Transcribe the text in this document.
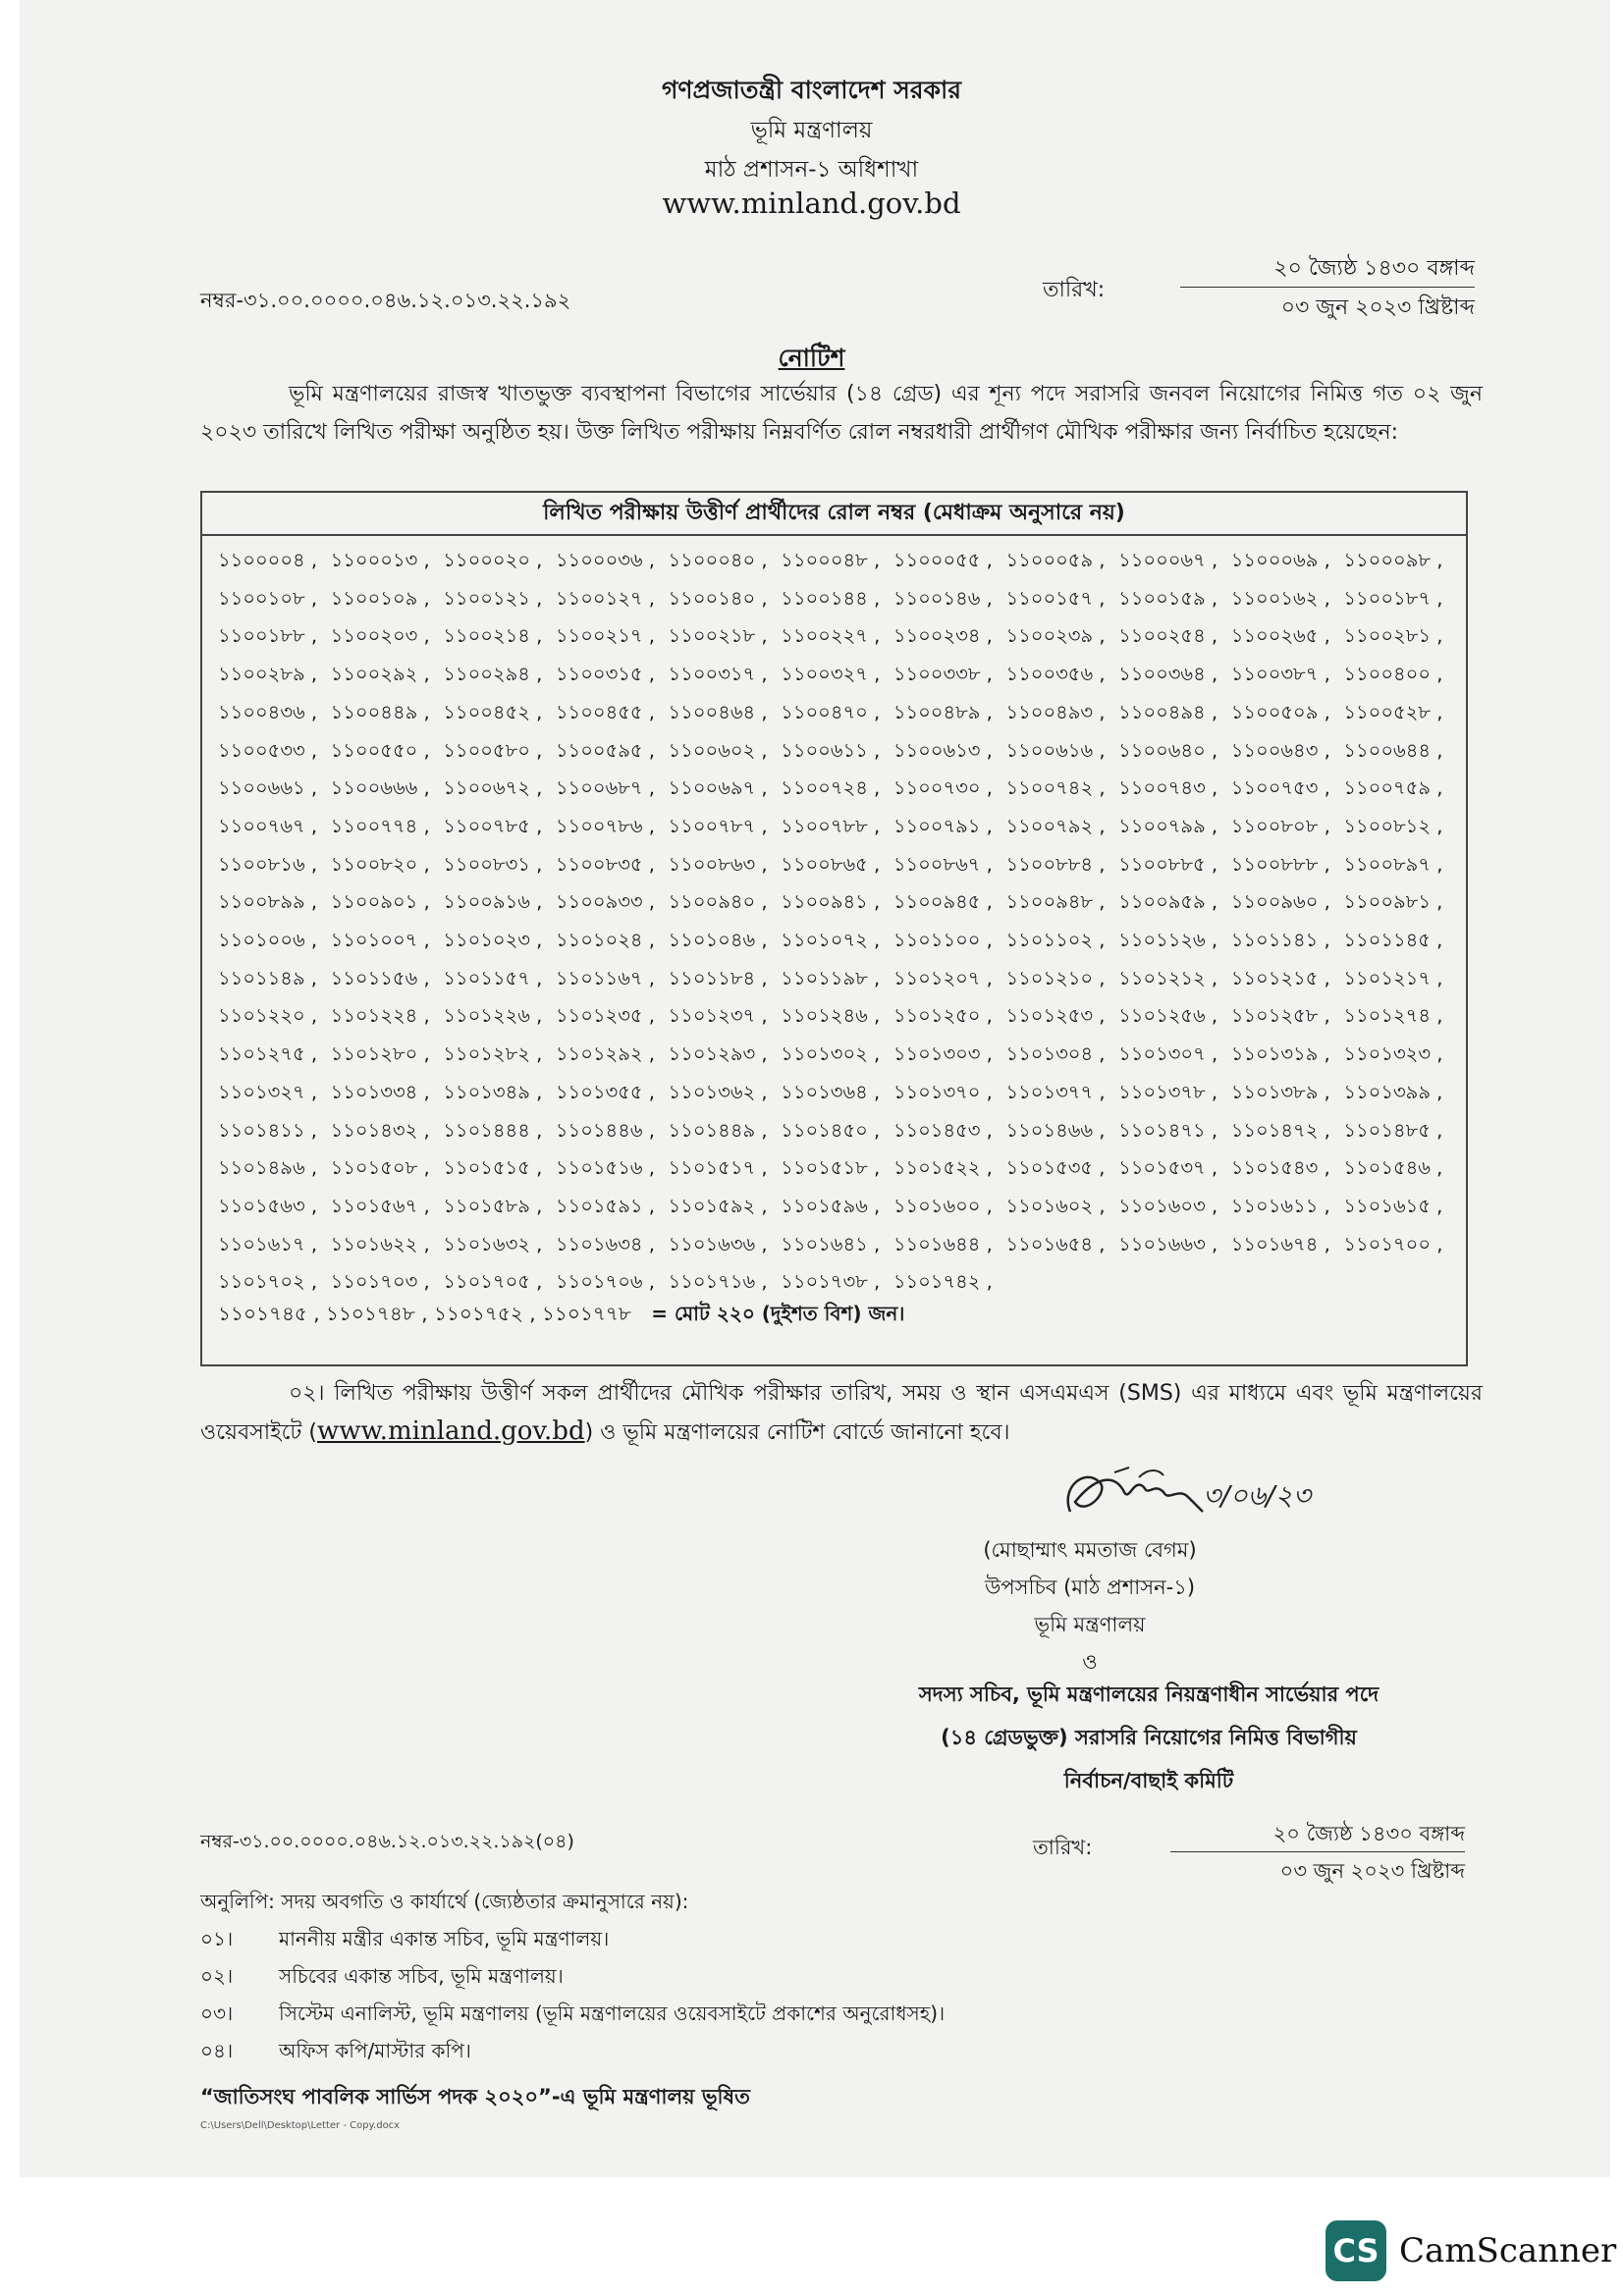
গণপ্রজাতন্ত্রী বাংলাদেশ সরকার
ভূমি মন্ত্রণালয়
মাঠ প্রশাসন-১ অধিশাখা
www.minland.gov.bd
নম্বর-৩১.০০.০০০০.০৪৬.১২.০১৩.২২.১৯২	তারিখ:
২০ জ্যৈষ্ঠ ১৪৩০ বঙ্গাব্দ
০৩ জুন ২০২৩ খ্রিষ্টাব্দ
নোটিশ

ভূমি মন্ত্রণালয়ের রাজস্ব খাতভুক্ত ব্যবস্থাপনা বিভাগের সার্ভেয়ার (১৪ গ্রেড) এর শূন্য পদে সরাসরি জনবল নিয়োগের নিমিত্ত গত ০২ জুন ২০২৩ তারিখে লিখিত পরীক্ষা অনুষ্ঠিত হয়। উক্ত লিখিত পরীক্ষায় নিম্নবর্ণিত রোল নম্বরধারী প্রার্থীগণ মৌখিক পরীক্ষার জন্য নির্বাচিত হয়েছেন:

লিখিত পরীক্ষায় উত্তীর্ণ প্রার্থীদের রোল নম্বর (মেধাক্রম অনুসারে নয়)
১১০০০০৪ , ১১০০০১৩ , ১১০০০২০ , ১১০০০৩৬ , ১১০০০৪০ , ১১০০০৪৮ , ১১০০০৫৫ , ১১০০০৫৯ , ১১০০০৬৭ , ১১০০০৬৯ , ১১০০০৯৮ ,
১১০০১০৮ , ১১০০১০৯ , ১১০০১২১ , ১১০০১২৭ , ১১০০১৪০ , ১১০০১৪৪ , ১১০০১৪৬ , ১১০০১৫৭ , ১১০০১৫৯ , ১১০০১৬২ , ১১০০১৮৭ ,
১১০০১৮৮ , ১১০০২০৩ , ১১০০২১৪ , ১১০০২১৭ , ১১০০২১৮ , ১১০০২২৭ , ১১০০২৩৪ , ১১০০২৩৯ , ১১০০২৫৪ , ১১০০২৬৫ , ১১০০২৮১ ,
১১০০২৮৯ , ১১০০২৯২ , ১১০০২৯৪ , ১১০০৩১৫ , ১১০০৩১৭ , ১১০০৩২৭ , ১১০০৩৩৮ , ১১০০৩৫৬ , ১১০০৩৬৪ , ১১০০৩৮৭ , ১১০০৪০০ ,
১১০০৪৩৬ , ১১০০৪৪৯ , ১১০০৪৫২ , ১১০০৪৫৫ , ১১০০৪৬৪ , ১১০০৪৭০ , ১১০০৪৮৯ , ১১০০৪৯৩ , ১১০০৪৯৪ , ১১০০৫০৯ , ১১০০৫২৮ ,
১১০০৫৩৩ , ১১০০৫৫০ , ১১০০৫৮০ , ১১০০৫৯৫ , ১১০০৬০২ , ১১০০৬১১ , ১১০০৬১৩ , ১১০০৬১৬ , ১১০০৬৪০ , ১১০০৬৪৩ , ১১০০৬৪৪ ,
১১০০৬৬১ , ১১০০৬৬৬ , ১১০০৬৭২ , ১১০০৬৮৭ , ১১০০৬৯৭ , ১১০০৭২৪ , ১১০০৭৩০ , ১১০০৭৪২ , ১১০০৭৪৩ , ১১০০৭৫৩ , ১১০০৭৫৯ ,
১১০০৭৬৭ , ১১০০৭৭৪ , ১১০০৭৮৫ , ১১০০৭৮৬ , ১১০০৭৮৭ , ১১০০৭৮৮ , ১১০০৭৯১ , ১১০০৭৯২ , ১১০০৭৯৯ , ১১০০৮০৮ , ১১০০৮১২ ,
১১০০৮১৬ , ১১০০৮২০ , ১১০০৮৩১ , ১১০০৮৩৫ , ১১০০৮৬৩ , ১১০০৮৬৫ , ১১০০৮৬৭ , ১১০০৮৮৪ , ১১০০৮৮৫ , ১১০০৮৮৮ , ১১০০৮৯৭ ,
১১০০৮৯৯ , ১১০০৯০১ , ১১০০৯১৬ , ১১০০৯৩৩ , ১১০০৯৪০ , ১১০০৯৪১ , ১১০০৯৪৫ , ১১০০৯৪৮ , ১১০০৯৫৯ , ১১০০৯৬০ , ১১০০৯৮১ ,
১১০১০০৬ , ১১০১০০৭ , ১১০১০২৩ , ১১০১০২৪ , ১১০১০৪৬ , ১১০১০৭২ , ১১০১১০০ , ১১০১১০২ , ১১০১১২৬ , ১১০১১৪১ , ১১০১১৪৫ ,
১১০১১৪৯ , ১১০১১৫৬ , ১১০১১৫৭ , ১১০১১৬৭ , ১১০১১৮৪ , ১১০১১৯৮ , ১১০১২০৭ , ১১০১২১০ , ১১০১২১২ , ১১০১২১৫ , ১১০১২১৭ ,
১১০১২২০ , ১১০১২২৪ , ১১০১২২৬ , ১১০১২৩৫ , ১১০১২৩৭ , ১১০১২৪৬ , ১১০১২৫০ , ১১০১২৫৩ , ১১০১২৫৬ , ১১০১২৫৮ , ১১০১২৭৪ ,
১১০১২৭৫ , ১১০১২৮০ , ১১০১২৮২ , ১১০১২৯২ , ১১০১২৯৩ , ১১০১৩০২ , ১১০১৩০৩ , ১১০১৩০৪ , ১১০১৩০৭ , ১১০১৩১৯ , ১১০১৩২৩ ,
১১০১৩২৭ , ১১০১৩৩৪ , ১১০১৩৪৯ , ১১০১৩৫৫ , ১১০১৩৬২ , ১১০১৩৬৪ , ১১০১৩৭০ , ১১০১৩৭৭ , ১১০১৩৭৮ , ১১০১৩৮৯ , ১১০১৩৯৯ ,
১১০১৪১১ , ১১০১৪৩২ , ১১০১৪৪৪ , ১১০১৪৪৬ , ১১০১৪৪৯ , ১১০১৪৫০ , ১১০১৪৫৩ , ১১০১৪৬৬ , ১১০১৪৭১ , ১১০১৪৭২ , ১১০১৪৮৫ ,
১১০১৪৯৬ , ১১০১৫০৮ , ১১০১৫১৫ , ১১০১৫১৬ , ১১০১৫১৭ , ১১০১৫১৮ , ১১০১৫২২ , ১১০১৫৩৫ , ১১০১৫৩৭ , ১১০১৫৪৩ , ১১০১৫৪৬ ,
১১০১৫৬৩ , ১১০১৫৬৭ , ১১০১৫৮৯ , ১১০১৫৯১ , ১১০১৫৯২ , ১১০১৫৯৬ , ১১০১৬০০ , ১১০১৬০২ , ১১০১৬০৩ , ১১০১৬১১ , ১১০১৬১৫ ,
১১০১৬১৭ , ১১০১৬২২ , ১১০১৬৩২ , ১১০১৬৩৪ , ১১০১৬৩৬ , ১১০১৬৪১ , ১১০১৬৪৪ , ১১০১৬৫৪ , ১১০১৬৬৩ , ১১০১৬৭৪ , ১১০১৭০০ ,
১১০১৭০২ , ১১০১৭০৩ , ১১০১৭০৫ , ১১০১৭০৬ , ১১০১৭১৬ , ১১০১৭৩৮ , ১১০১৭৪২ ,
১১০১৭৪৫ , ১১০১৭৪৮ , ১১০১৭৫২ , ১১০১৭৭৮ = মোট ২২০ (দুইশত বিশ) জন।

০২। লিখিত পরীক্ষায় উত্তীর্ণ সকল প্রার্থীদের মৌখিক পরীক্ষার তারিখ, সময় ও স্থান এসএমএস (SMS) এর মাধ্যমে এবং ভূমি মন্ত্রণালয়ের ওয়েবসাইটে (www.minland.gov.bd) ও ভূমি মন্ত্রণালয়ের নোটিশ বোর্ডে জানানো হবে।

৩/০৬/২৩
(মোছাম্মাৎ মমতাজ বেগম)
উপসচিব (মাঠ প্রশাসন-১)
ভূমি মন্ত্রণালয়
ও
সদস্য সচিব, ভূমি মন্ত্রণালয়ের নিয়ন্ত্রণাধীন সার্ভেয়ার পদে
(১৪ গ্রেডভুক্ত) সরাসরি নিয়োগের নিমিত্ত বিভাগীয়
নির্বাচন/বাছাই কমিটি
নম্বর-৩১.০০.০০০০.০৪৬.১২.০১৩.২২.১৯২(০৪)	তারিখ:
২০ জ্যৈষ্ঠ ১৪৩০ বঙ্গাব্দ
০৩ জুন ২০২৩ খ্রিষ্টাব্দ
অনুলিপি: সদয় অবগতি ও কার্যার্থে (জ্যেষ্ঠতার ক্রমানুসারে নয়):
০১।	মাননীয় মন্ত্রীর একান্ত সচিব, ভূমি মন্ত্রণালয়।
০২।	সচিবের একান্ত সচিব, ভূমি মন্ত্রণালয়।
০৩।	সিস্টেম এনালিস্ট, ভূমি মন্ত্রণালয় (ভূমি মন্ত্রণালয়ের ওয়েবসাইটে প্রকাশের অনুরোধসহ)।
০৪।	অফিস কপি/মাস্টার কপি।
“জাতিসংঘ পাবলিক সার্ভিস পদক ২০২০”-এ ভূমি মন্ত্রণালয় ভূষিত
C:\Users\Dell\Desktop\Letter - Copy.docx
CS CamScanner
